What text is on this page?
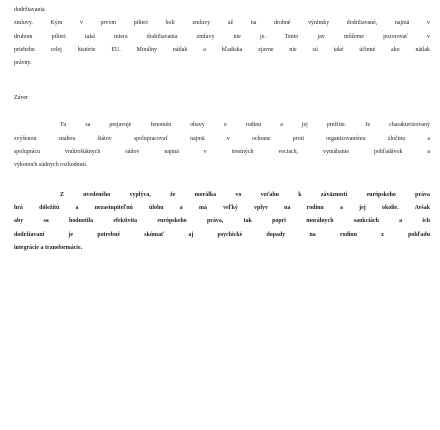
dodržiavania
zmluvy. Kým v prvom pilieri boli zmluvy až na drobné výnimky dodržiavané, najmä v
druhom pilieri taká miera dodržiavania zmluvy nie je. Tento jav môžeme pozorovať v
priebehu celej histórie EU. Morálny nátlak a hľadiska zjavne nie sú také účinné ako nátlak
právny.
Záver
Tu sa prejavuje fenomén obavy o rodinu a jej prežitie. Je charakterizovaný
zvýšenou snahou štátov spolupracovať najmä v ochrane proti organizovanému zločinu a
spoluprácu vnútroštátnych súdov najmä v trestných veciach, vymáhanie pohľadávok a
výkonoch súdnych rozhodnutí.
Z uvedeného vyplýva, že morálka vo vzťahu k záväznosti európskeho práva
hrá dôležitú a nezastupiteľnú úlohu a má veľký vplyv na rodinu a jej okolie. Avšak
aby sa hodnotila efektivita európskeho práva, tak popri morálnych sankciách a ich
dodržiavaní je potrebné skúmať aj psychické dopady na rodinu z pohľadu
integrácie a transformácie.
